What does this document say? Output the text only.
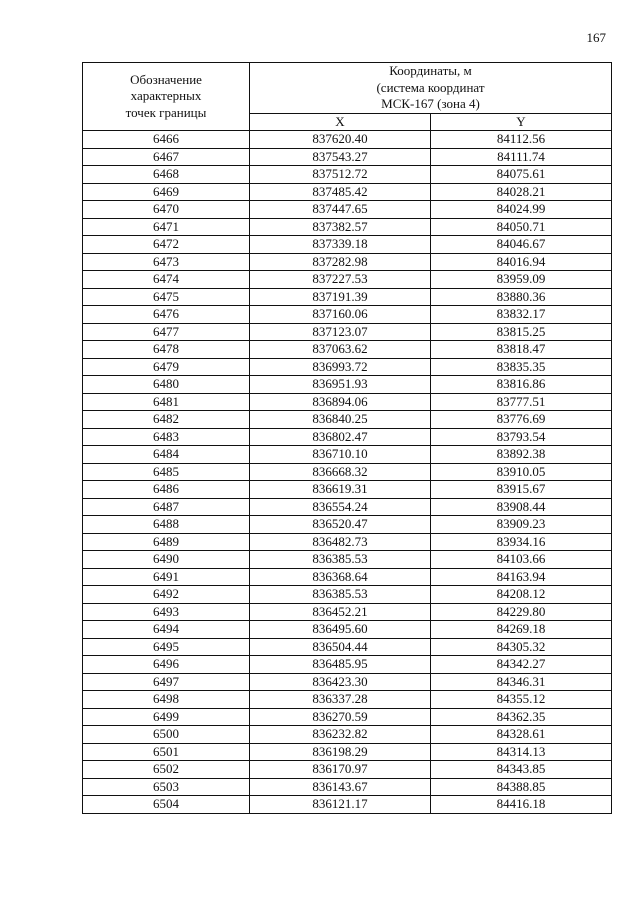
167
Обозначение
характерных
точек границы	Координаты, м
(система координат
МСК-167 (зона 4)	

	X	Y
6466	837620.40	84112.56
6467	837543.27	84111.74
6468	837512.72	84075.61
6469	837485.42	84028.21
6470	837447.65	84024.99
6471	837382.57	84050.71
6472	837339.18	84046.67
6473	837282.98	84016.94
6474	837227.53	83959.09
6475	837191.39	83880.36
6476	837160.06	83832.17
6477	837123.07	83815.25
6478	837063.62	83818.47
6479	836993.72	83835.35
6480	836951.93	83816.86
6481	836894.06	83777.51
6482	836840.25	83776.69
6483	836802.47	83793.54
6484	836710.10	83892.38
6485	836668.32	83910.05
6486	836619.31	83915.67
6487	836554.24	83908.44
6488	836520.47	83909.23
6489	836482.73	83934.16
6490	836385.53	84103.66
6491	836368.64	84163.94
6492	836385.53	84208.12
6493	836452.21	84229.80
6494	836495.60	84269.18
6495	836504.44	84305.32
6496	836485.95	84342.27
6497	836423.30	84346.31
6498	836337.28	84355.12
6499	836270.59	84362.35
6500	836232.82	84328.61
6501	836198.29	84314.13
6502	836170.97	84343.85
6503	836143.67	84388.85
6504	836121.17	84416.18
